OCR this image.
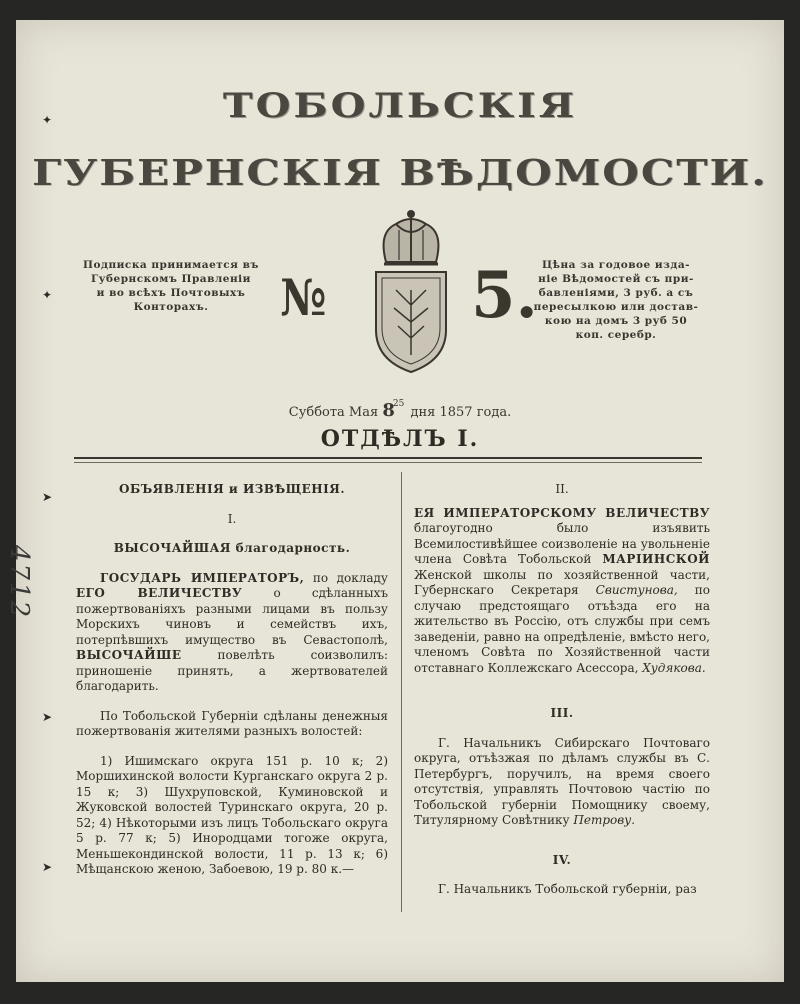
✦
✦
➤
➤
➤
ТОБОЛЬСКІЯ
ГУБЕРНСКІЯ ВѢДОМОСТИ.
Подписка принимается въ
Губернскомъ Правленіи
и во всѣхъ Почтовыхъ
Конторахъ.	№ 5. Цѣна за годовое изда-
ніе Вѣдомостей съ при-
бавленіями, 3 руб. а съ
пересылкою или достав-
кою на домъ 3 руб 50
коп. серебр.
Суббота Мая $8^{25}$ дня 1857 года.
ОТДѢЛЪ I.
4712

ОБЪЯВЛЕНІЯ и ИЗВѢЩЕНІЯ.

I.

ВЫСОЧАЙШАЯ благодарность.

ГОСУДАРЬ ИМПЕРАТОРЪ, по докладу ЕГО ВЕЛИЧЕСТВУ о сдѣланныхъ пожертвованіяхъ разными лицами въ пользу Морскихъ чиновъ и семействъ ихъ, потерпѣвшихъ имущество въ Севастополѣ, ВЫСОЧАЙШЕ повелѣть соизволилъ: приношеніе принять, а жертвователей благодарить.

По Тобольской Губерніи сдѣланы денежныя пожертвованія жителями разныхъ волостей:

1) Ишимскаго округа 151 р. 10 к; 2) Моршихинской волости Курганскаго округа 2 р. 15 к; 3) Шухруповской, Куминовской и Жуковской волостей Туринскаго округа, 20 р. 52; 4) Нѣкоторыми изъ лицъ Тобольскаго округа 5 р. 77 к; 5) Инородцами тогоже округа, Меньшекондинской волости, 11 р. 13 к; 6) Мѣщанскою женою, Забоевою, 19 р. 80 к.—

II.

ЕЯ ИМПЕРАТОРСКОМУ ВЕЛИЧЕСТВУ благоугодно было изъявить Всемилостивѣйшее соизволеніе на увольненіе члена Совѣта Тобольской МАРІИНСКОЙ Женской школы по хозяйственной части, Губернскаго Секретаря Свистунова, по случаю предстоящаго отъѣзда его на жительство въ Россію, отъ службы при семъ заведеніи, равно на опредѣленіе, вмѣсто него, членомъ Совѣта по Хозяйственной части отставнаго Коллежскаго Асессора, Худякова.

III.

Г. Начальникъ Сибирскаго Почтоваго округа, отъѣзжая по дѣламъ службы въ С. Петербургъ, поручилъ, на время своего отсутствія, управлять Почтовою частію по Тобольской губерніи Помощнику своему, Титулярному Совѣтнику Петрову.

IV.

Г. Начальникъ Тобольской губерніи, раз
